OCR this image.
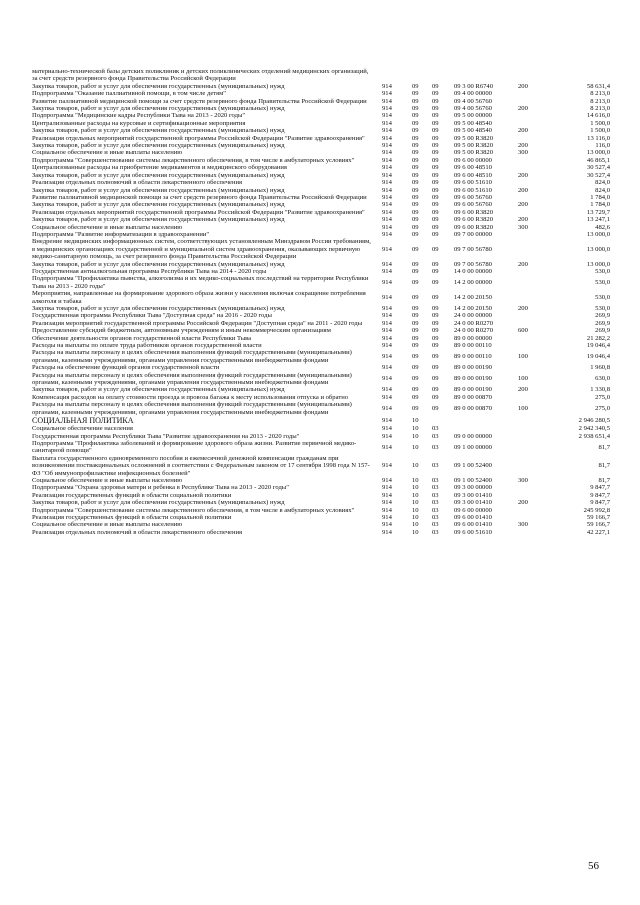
материально-технической базы детских поликлиник и детских поликлинических отделений медицинских организаций, за счет средств резервного фонда Правительства Российской Федерации						
Закупка товаров, работ и услуг для обеспечения государственных (муниципальных) нужд	914	09	09	09 3 00 R6740	200	58 631,4
Подпрограмма "Оказание паллиативной помощи, в том числе детям"	914	09	09	09 4 00 00000		8 213,0
Развитие паллиативной медицинской помощи за счет средств резервного фонда Правительства Российской Федерации	914	09	09	09 4 00 56760		8 213,0
Закупка товаров, работ и услуг для обеспечения государственных (муниципальных) нужд	914	09	09	09 4 00 56760	200	8 213,0
Подпрограмма "Медицинские кадры Республики Тыва на 2013 - 2020 годы"	914	09	09	09 5 00 00000		14 616,0
Централизованные расходы на курсовые и сертификационные мероприятия	914	09	09	09 5 00 48540		1 500,0
Закупка товаров, работ и услуг для обеспечения государственных (муниципальных) нужд	914	09	09	09 5 00 48540	200	1 500,0
Реализация отдельных мероприятий государственной программы Российской Федерации "Развитие здравоохранения"	914	09	09	09 5 00 R3820		13 116,0
Закупка товаров, работ и услуг для обеспечения государственных (муниципальных) нужд	914	09	09	09 5 00 R3820	200	116,0
Социальное обеспечение и иные выплаты населению	914	09	09	09 5 00 R3820	300	13 000,0
Подпрограмма "Совершенствование системы лекарственного обеспечения, в том числе в амбулаторных условиях"	914	09	09	09 6 00 00000		46 865,1
Централизованные расходы на приобретение медикаментов и медицинского оборудования	914	09	09	09 6 00 48510		30 527,4
Закупка товаров, работ и услуг для обеспечения государственных (муниципальных) нужд	914	09	09	09 6 00 48510	200	30 527,4
Реализация отдельных полномочий в области лекарственного обеспечения	914	09	09	09 6 00 51610		824,0
Закупка товаров, работ и услуг для обеспечения государственных (муниципальных) нужд	914	09	09	09 6 00 51610	200	824,0
Развитие паллиативной медицинской помощи за счет средств резервного фонда Правительства Российской Федерации	914	09	09	09 6 00 56760		1 784,0
Закупка товаров, работ и услуг для обеспечения государственных (муниципальных) нужд	914	09	09	09 6 00 56760	200	1 784,0
Реализация отдельных мероприятий государственной программы Российской Федерации "Развитие здравоохранения"	914	09	09	09 6 00 R3820		13 729,7
Закупка товаров, работ и услуг для обеспечения государственных (муниципальных) нужд	914	09	09	09 6 00 R3820	200	13 247,1
Социальное обеспечение и иные выплаты населению	914	09	09	09 6 00 R3820	300	482,6
Подпрограмма "Развитие информатизации в здравоохранении"	914	09	09	09 7 00 00000		13 000,0
Внедрение медицинских информационных систем, соответствующих установленным Минздравом России требованиям, в медицинских организациях государственной и муниципальной систем здравоохранения, оказывающих первичную медико-санитарную помощь, за счет резервного фонда Правительства Российской Федерации	914	09	09	09 7 00 56780		13 000,0
Закупка товаров, работ и услуг для обеспечения государственных (муниципальных) нужд	914	09	09	09 7 00 56780	200	13 000,0
Государственная антиалкогольная программа Республики Тыва на 2014 - 2020 годы	914	09	09	14 0 00 00000		530,0
Подпрограмма "Профилактика пьянства, алкоголизма и их медико-социальных последствий на территории Республики Тыва на 2013 - 2020 годы"	914	09	09	14 2 00 00000		530,0
Мероприятия, направленные на формирование здорового образа жизни у населения включая сокращение потребления алкоголя и табака	914	09	09	14 2 00 20150		530,0
Закупка товаров, работ и услуг для обеспечения государственных (муниципальных) нужд	914	09	09	14 2 00 20150	200	530,0
Государственная программа Республики Тыва "Доступная среда" на 2016 - 2020 годы	914	09	09	24 0 00 00000		269,9
Реализация мероприятий государственной программы Российской Федерации "Доступная среда" на 2011 - 2020 годы	914	09	09	24 0 00 R0270		269,9
Предоставление субсидий бюджетным, автономным учреждениям и иным некоммерческим организациям	914	09	09	24 0 00 R0270	600	269,9
Обеспечение деятельности органов государственной власти Республики Тыва	914	09	09	89 0 00 00000		21 282,2
Расходы на выплаты по оплате труда работников органов государственной власти	914	09	09	89 0 00 00110		19 046,4
Расходы на выплаты персоналу в целях обеспечения выполнения функций государственными (муниципальными) органами, казенными учреждениями, органами управления государственными внебюджетными фондами	914	09	09	89 0 00 00110	100	19 046,4
Расходы на обеспечение функций органов государственной власти	914	09	09	89 0 00 00190		1 960,8
Расходы на выплаты персоналу в целях обеспечения выполнения функций государственными (муниципальными) органами, казенными учреждениями, органами управления государственными внебюджетными фондами	914	09	09	89 0 00 00190	100	630,0
Закупка товаров, работ и услуг для обеспечения государственных (муниципальных) нужд	914	09	09	89 0 00 00190	200	1 330,8
Компенсация расходов на оплату стоимости проезда и провоза багажа к месту использования отпуска и обратно	914	09	09	89 0 00 00870		275,0
Расходы на выплаты персоналу в целях обеспечения выполнения функций государственными (муниципальными) органами, казенными учреждениями, органами управления государственными внебюджетными фондами	914	09	09	89 0 00 00870	100	275,0
СОЦИАЛЬНАЯ ПОЛИТИКА	914	10				2 946 280,5
Социальное обеспечение населения	914	10	03			2 942 340,5
Государственная программа Республики Тыва "Развитие здравоохранения на 2013 - 2020 годы"	914	10	03	09 0 00 00000		2 938 651,4
Подпрограмма "Профилактика заболеваний и формирование здорового образа жизни. Развитие первичной медико-санитарной помощи"	914	10	03	09 1 00 00000		81,7
Выплата государственного единовременного пособия и ежемесячной денежной компенсации гражданам при возникновении поствакцинальных осложнений в соответствии с Федеральным законом от 17 сентября 1998 года N 157-ФЗ "Об иммунопрофилактике инфекционных болезней"	914	10	03	09 1 00 52400		81,7
Социальное обеспечение и иные выплаты населению	914	10	03	09 1 00 52400	300	81,7
Подпрограмма "Охрана здоровья матери и ребенка в Республике Тыва на 2013 - 2020 годы"	914	10	03	09 3 00 00000		9 847,7
Реализация государственных функций в области социальной политики	914	10	03	09 3 00 01410		9 847,7
Закупка товаров, работ и услуг для обеспечения государственных (муниципальных) нужд	914	10	03	09 3 00 01410	200	9 847,7
Подпрограмма "Совершенствование системы лекарственного обеспечения, в том числе в амбулаторных условиях"	914	10	03	09 6 00 00000		245 992,8
Реализация государственных функций в области социальной политики	914	10	03	09 6 00 01410		59 166,7
Социальное обеспечение и иные выплаты населению	914	10	03	09 6 00 01410	300	59 166,7
Реализация отдельных полномочий в области лекарственного обеспечения	914	10	03	09 6 00 51610		42 227,1
56
